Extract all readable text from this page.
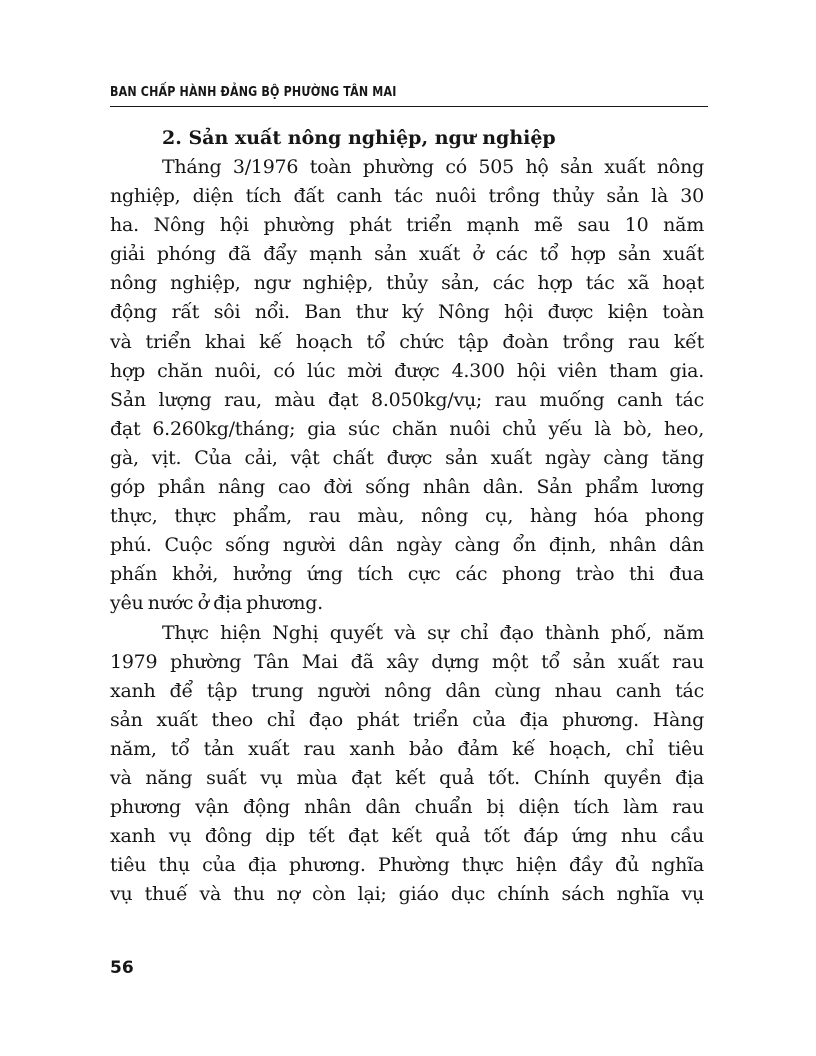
BAN CHẤP HÀNH ĐẢNG BỘ PHƯỜNG TÂN MAI
2. Sản xuất nông nghiệp, ngư nghiệp
Tháng 3/1976 toàn phường có 505 hộ sản xuất nông
nghiệp, diện tích đất canh tác nuôi trồng thủy sản là 30
ha. Nông hội phường phát triển mạnh mẽ sau 10 năm
giải phóng đã đẩy mạnh sản xuất ở các tổ hợp sản xuất
nông nghiệp, ngư nghiệp, thủy sản, các hợp tác xã hoạt
động rất sôi nổi. Ban thư ký Nông hội được kiện toàn
và triển khai kế hoạch tổ chức tập đoàn trồng rau kết
hợp chăn nuôi, có lúc mời được 4.300 hội viên tham gia.
Sản lượng rau, màu đạt 8.050kg/vụ; rau muống canh tác
đạt 6.260kg/tháng; gia súc chăn nuôi chủ yếu là bò, heo,
gà, vịt. Của cải, vật chất được sản xuất ngày càng tăng
góp phần nâng cao đời sống nhân dân. Sản phẩm lương
thực, thực phẩm, rau màu, nông cụ, hàng hóa phong
phú. Cuộc sống người dân ngày càng ổn định, nhân dân
phấn khởi, hưởng ứng tích cực các phong trào thi đua
yêu nước ở địa phương.
Thực hiện Nghị quyết và sự chỉ đạo thành phố, năm
1979 phường Tân Mai đã xây dựng một tổ sản xuất rau
xanh để tập trung người nông dân cùng nhau canh tác
sản xuất theo chỉ đạo phát triển của địa phương. Hàng
năm, tổ tản xuất rau xanh bảo đảm kế hoạch, chỉ tiêu
và năng suất vụ mùa đạt kết quả tốt. Chính quyền địa
phương vận động nhân dân chuẩn bị diện tích làm rau
xanh vụ đông dịp tết đạt kết quả tốt đáp ứng nhu cầu
tiêu thụ của địa phương. Phường thực hiện đầy đủ nghĩa
vụ thuế và thu nợ còn lại; giáo dục chính sách nghĩa vụ
56
